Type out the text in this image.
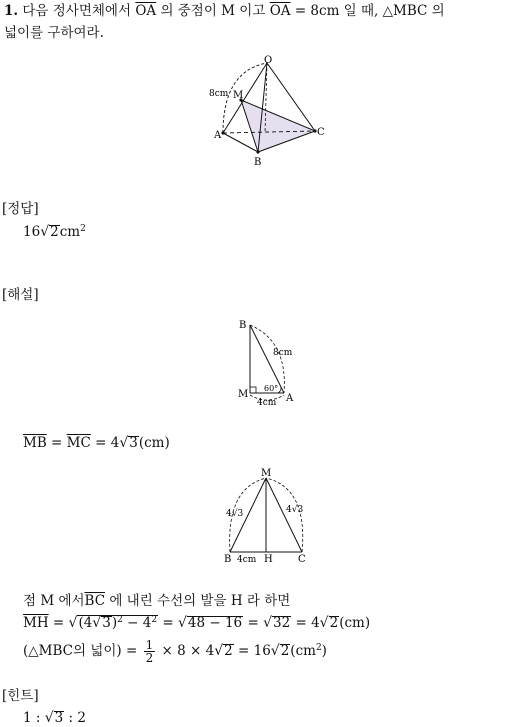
1. 다음 정사면체에서 $\overline{OA}$ 의 중점이 M 이고 $\overline{OA} = 8cm$ 일 때, △MBC 의
넓이를 구하여라.
O
M
A
B
C
8cm
[정답]
$16√2cm^2$
[해설]
B
M	A
8cm
60°
4cm
$\overline{MB} = \overline{MC} = 4√3(cm)$
M
B	H	C
4√3	4√3
4cm
점 M 에서$\overline{BC}$ 에 내린 수선의 발을 H 라 하면
$\overline{MH} = √(4√3)^2 - 4^2 = √48 - 16 = √32 = 4√2(cm)$
(△MBC의 넓이) = $\frac{1}{2} \times 8 \times 4√2 = 16√2(cm^2)$
[힌트]
1 : √3 : 2
